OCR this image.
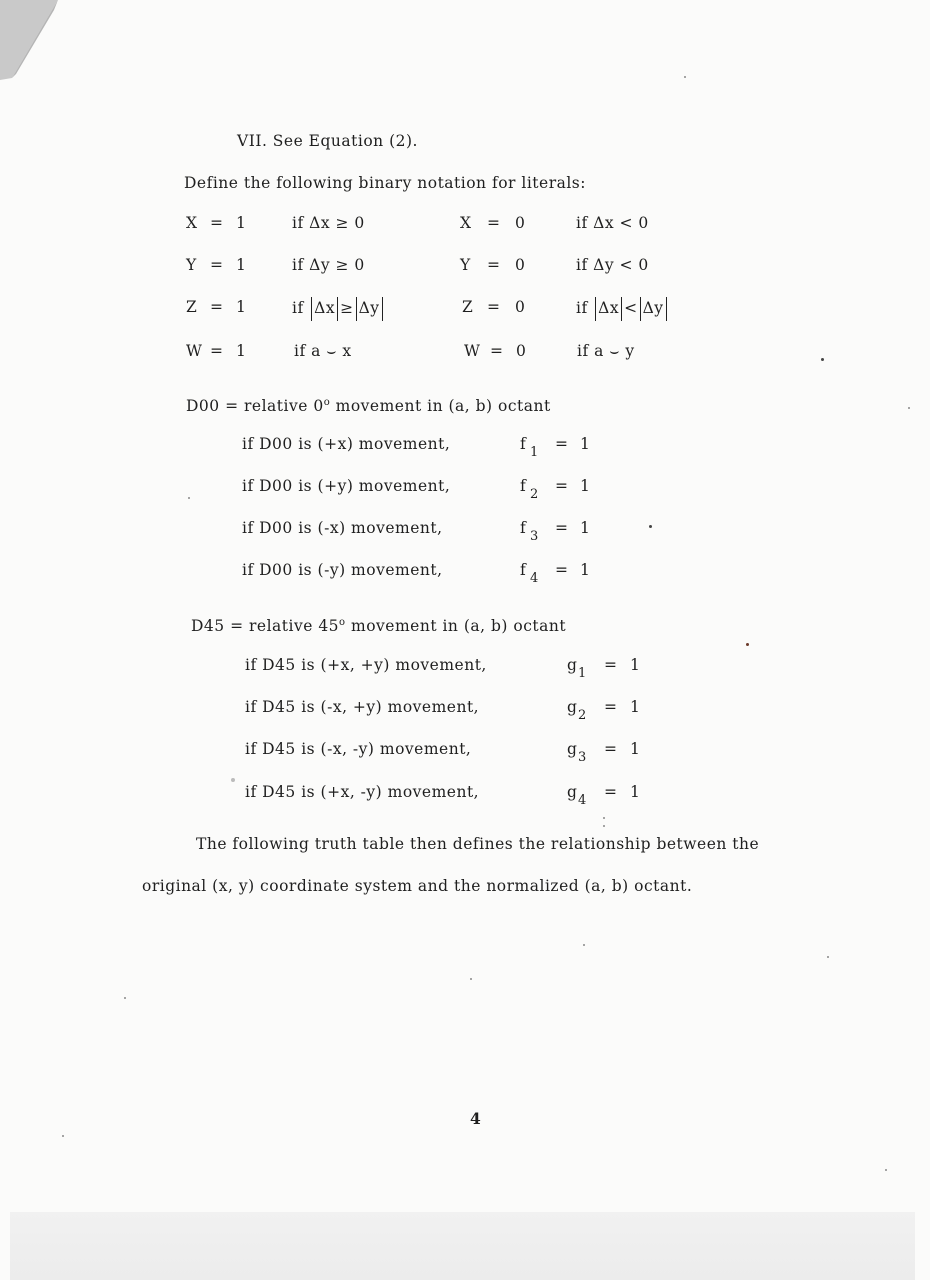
VII. See Equation (2).
Define the following binary notation for literals:
X = 1	if Δx ≥ 0	X = 0	if Δx < 0
Y = 1	if Δy ≥ 0	Y = 0	if Δy < 0
Z = 1	if Δx ≥ Δy	Z = 0	if Δx < Δy
W = 1	if a ⌣ x	W = 0	if a ⌣ y
D00 = relative 0$^o$ movement in (a, b) octant
if D00 is (+x) movement,	f 1 = 1
if D00 is (+y) movement,	f 2 = 1
if D00 is (-x) movement,	f 3 = 1
if D00 is (-y) movement,	f 4 = 1
D45 = relative 45$^o$ movement in (a, b) octant
if D45 is (+x, +y) movement,	g 1 = 1
if D45 is (-x, +y) movement,	g 2 = 1
if D45 is (-x, -y) movement,	g 3 = 1
if D45 is (+x, -y) movement,	g 4 = 1
The following truth table then defines the relationship between the
original (x, y) coordinate system and the normalized (a, b) octant.
4
